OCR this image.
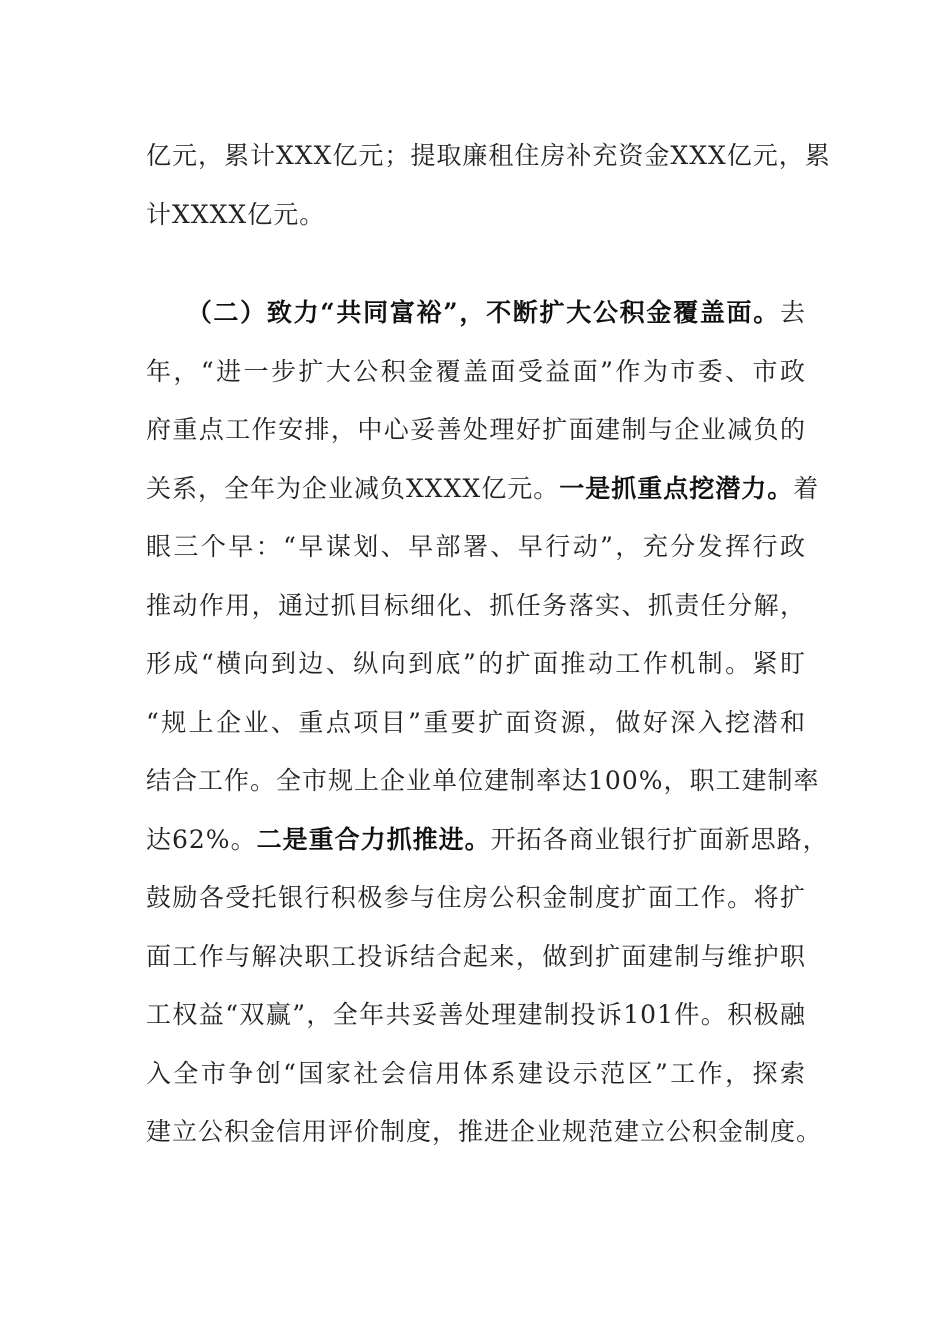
亿元，累计XXX亿元；提取廉租住房补充资金XXX亿元，累
计XXXX亿元。
（二）致力“共同富裕”，不断扩大公积金覆盖面。去
年，“进一步扩大公积金覆盖面受益面”作为市委、市政
府重点工作安排，中心妥善处理好扩面建制与企业减负的
关系，全年为企业减负XXXX亿元。一是抓重点挖潜力。着
眼三个早：“早谋划、早部署、早行动”，充分发挥行政
推动作用，通过抓目标细化、抓任务落实、抓责任分解，
形成“横向到边、纵向到底”的扩面推动工作机制。紧盯
“规上企业、重点项目”重要扩面资源，做好深入挖潜和
结合工作。全市规上企业单位建制率达100%，职工建制率
达62%。二是重合力抓推进。开拓各商业银行扩面新思路，
鼓励各受托银行积极参与住房公积金制度扩面工作。将扩
面工作与解决职工投诉结合起来，做到扩面建制与维护职
工权益“双赢”，全年共妥善处理建制投诉101件。积极融
入全市争创“国家社会信用体系建设示范区”工作，探索
建立公积金信用评价制度，推进企业规范建立公积金制度。
